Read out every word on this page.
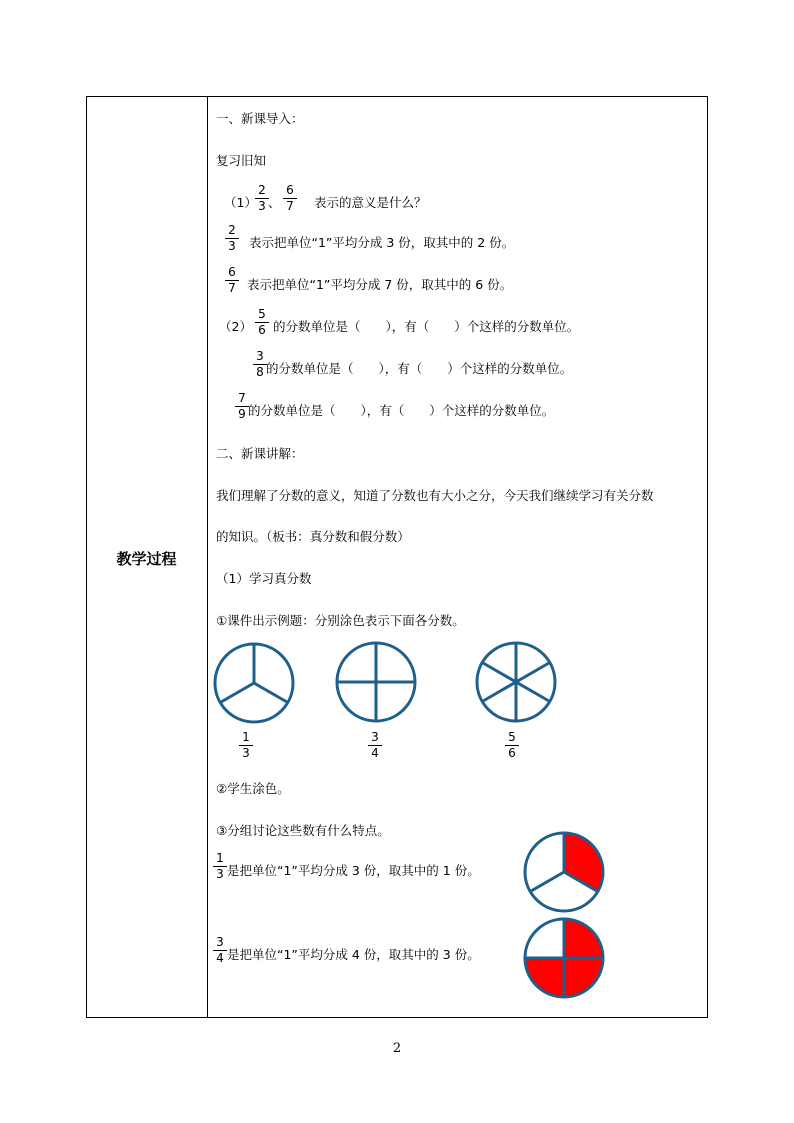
教学过程
一、新课导入：
复习旧知
（1）
$\frac{2}{3}$ 、 $\frac{6}{7}$ 表示的意义是什么？
$\frac{2}{3}$ 表示把单位“1”平均分成 3 份，取其中的 2 份。
$\frac{6}{7}$ 表示把单位“1”平均分成 7 份，取其中的 6 份。
$(2) \frac{5}{6}$ 的分数单位是（　　），有（　　）个这样的分数单位。
$\frac{3}{8}$ 的分数单位是（　　），有（　　）个这样的分数单位。
$\frac{7}{9}$ 的分数单位是（　　），有（　　）个这样的分数单位。
二、新课讲解：
我们理解了分数的意义，知道了分数也有大小之分，今天我们继续学习有关分数
的知识。（板书：真分数和假分数）
（1）学习真分数
①课件出示例题：分别涂色表示下面各分数。
$\frac{1}{3}$	$\frac{3}{4}$	$\frac{5}{6}$
②学生涂色。
③分组讨论这些数有什么特点。
$\frac{1}{3}$ 是把单位“1”平均分成 3 份，取其中的 1 份。
$\frac{3}{4}$ 是把单位“1”平均分成 4 份，取其中的 3 份。
2
